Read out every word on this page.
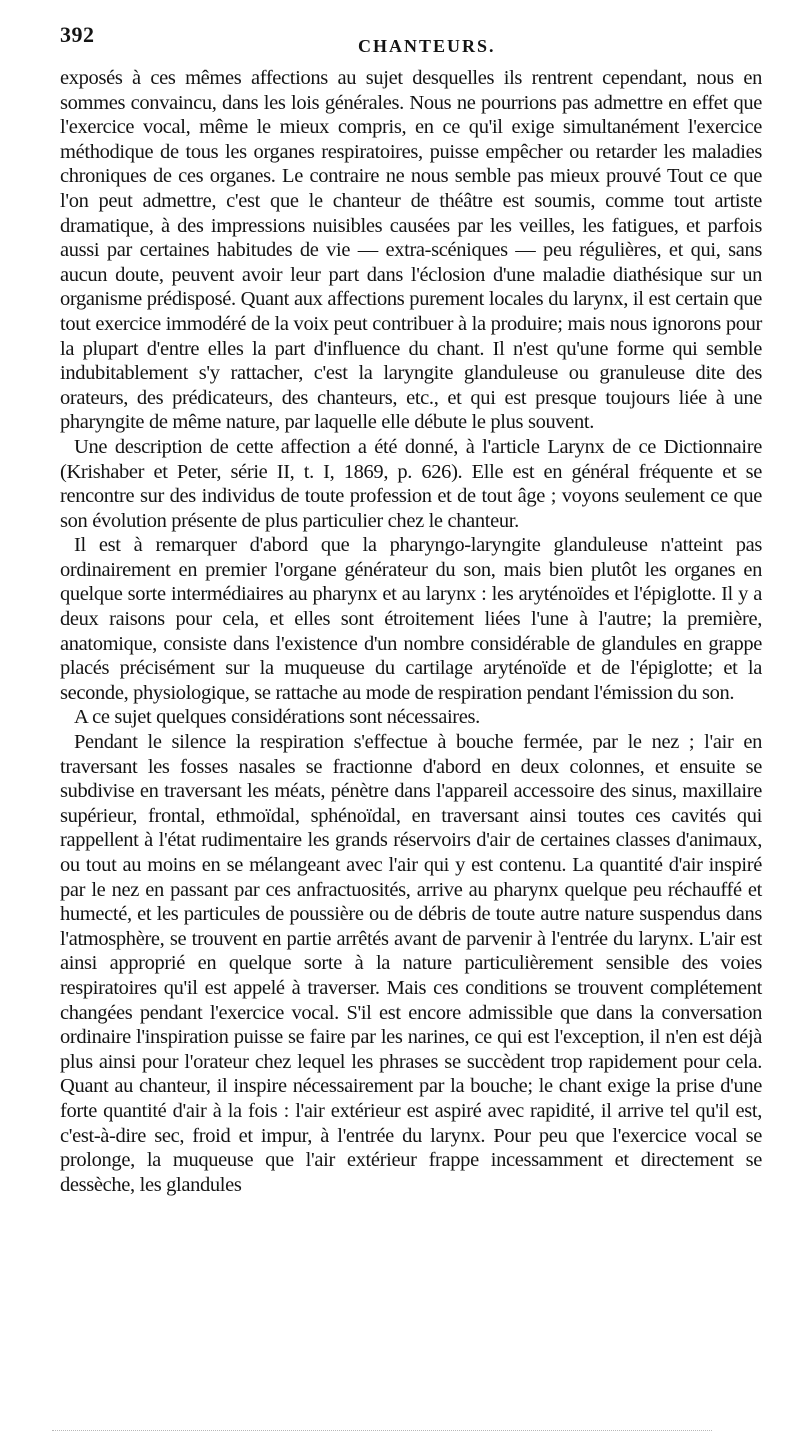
392	CHANTEURS.

exposés à ces mêmes affections au sujet desquelles ils rentrent cependant, nous en sommes convaincu, dans les lois générales. Nous ne pourrions pas admettre en effet que l'exercice vocal, même le mieux compris, en ce qu'il exige simultanément l'exercice méthodique de tous les organes respiratoires, puisse empêcher ou retarder les maladies chroniques de ces organes. Le contraire ne nous semble pas mieux prouvé Tout ce que l'on peut admettre, c'est que le chanteur de théâtre est soumis, comme tout artiste dramatique, à des impressions nuisibles causées par les veilles, les fatigues, et parfois aussi par certaines habitudes de vie — extra-scéniques — peu régulières, et qui, sans aucun doute, peuvent avoir leur part dans l'éclosion d'une maladie diathésique sur un organisme prédisposé. Quant aux affections purement locales du larynx, il est certain que tout exercice immodéré de la voix peut contribuer à la produire; mais nous ignorons pour la plupart d'entre elles la part d'influence du chant. Il n'est qu'une forme qui semble indubitablement s'y rattacher, c'est la laryngite glanduleuse ou granuleuse dite des orateurs, des prédicateurs, des chanteurs, etc., et qui est presque toujours liée à une pharyngite de même nature, par laquelle elle débute le plus souvent.

Une description de cette affection a été donné, à l'article Larynx de ce Dictionnaire (Krishaber et Peter, série II, t. I, 1869, p. 626). Elle est en général fréquente et se rencontre sur des individus de toute profession et de tout âge ; voyons seulement ce que son évolution présente de plus particulier chez le chanteur.

Il est à remarquer d'abord que la pharyngo-laryngite glanduleuse n'atteint pas ordinairement en premier l'organe générateur du son, mais bien plutôt les organes en quelque sorte intermédiaires au pharynx et au larynx : les aryténoïdes et l'épiglotte. Il y a deux raisons pour cela, et elles sont étroitement liées l'une à l'autre; la première, anatomique, consiste dans l'existence d'un nombre considérable de glandules en grappe placés précisément sur la muqueuse du cartilage aryténoïde et de l'épiglotte; et la seconde, physiologique, se rattache au mode de respiration pendant l'émission du son.

A ce sujet quelques considérations sont nécessaires.

Pendant le silence la respiration s'effectue à bouche fermée, par le nez ; l'air en traversant les fosses nasales se fractionne d'abord en deux colonnes, et ensuite se subdivise en traversant les méats, pénètre dans l'appareil accessoire des sinus, maxillaire supérieur, frontal, ethmoïdal, sphénoïdal, en traversant ainsi toutes ces cavités qui rappellent à l'état rudimentaire les grands réservoirs d'air de certaines classes d'animaux, ou tout au moins en se mélangeant avec l'air qui y est contenu. La quantité d'air inspiré par le nez en passant par ces anfractuosités, arrive au pharynx quelque peu réchauffé et humecté, et les particules de poussière ou de débris de toute autre nature suspendus dans l'atmosphère, se trouvent en partie arrêtés avant de parvenir à l'entrée du larynx. L'air est ainsi approprié en quelque sorte à la nature particulièrement sensible des voies respiratoires qu'il est appelé à traverser. Mais ces conditions se trouvent complétement changées pendant l'exercice vocal. S'il est encore admissible que dans la conversation ordinaire l'inspiration puisse se faire par les narines, ce qui est l'exception, il n'en est déjà plus ainsi pour l'orateur chez lequel les phrases se succèdent trop rapidement pour cela. Quant au chanteur, il inspire nécessairement par la bouche; le chant exige la prise d'une forte quantité d'air à la fois : l'air extérieur est aspiré avec rapidité, il arrive tel qu'il est, c'est-à-dire sec, froid et impur, à l'entrée du larynx. Pour peu que l'exercice vocal se prolonge, la muqueuse que l'air extérieur frappe incessamment et directement se dessèche, les glandules
